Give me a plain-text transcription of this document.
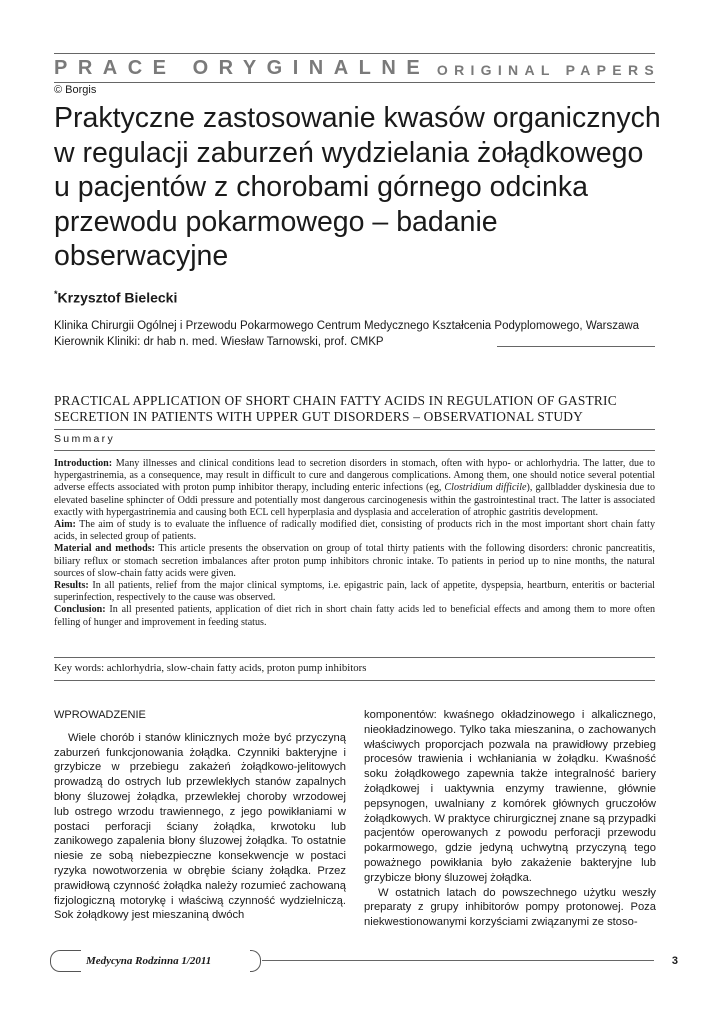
PRACE ORYGINALNE ORIGINAL PAPERS
© Borgis
Praktyczne zastosowanie kwasów organicznych
w regulacji zaburzeń wydzielania żołądkowego
u pacjentów z chorobami górnego odcinka
przewodu pokarmowego – badanie
obserwacyjne
*Krzysztof Bielecki
Klinika Chirurgii Ogólnej i Przewodu Pokarmowego Centrum Medycznego Kształcenia Podyplomowego, Warszawa
Kierownik Kliniki: dr hab n. med. Wiesław Tarnowski, prof. CMKP
PRACTICAL APPLICATION OF SHORT CHAIN FATTY ACIDS IN REGULATION OF GASTRIC
SECRETION IN PATIENTS WITH UPPER GUT DISORDERS – OBSERVATIONAL STUDY
Summary

Introduction: Many illnesses and clinical conditions lead to secretion disorders in stomach, often with hypo- or achlorhydria. The latter, due to hypergastrinemia, as a consequence, may result in difficult to cure and dangerous complications. Among them, one should notice several potential adverse effects associated with proton pump inhibitor therapy, including enteric infections (eg, Clostridium difficile), gallbladder dyskinesia due to elevated baseline sphincter of Oddi pressure and potentially most dangerous carcinogenesis within the gastrointestinal tract. The latter is associated exactly with hypergastrinemia and causing both ECL cell hyperplasia and dysplasia and acceleration of atrophic gastritis development.

Aim: The aim of study is to evaluate the influence of radically modified diet, consisting of products rich in the most important short chain fatty acids, in selected group of patients.

Material and methods: This article presents the observation on group of total thirty patients with the following disorders: chronic pancreatitis, biliary reflux or stomach secretion imbalances after proton pump inhibitors chronic intake. To patients in period up to nine months, the natural sources of slow-chain fatty acids were given.

Results: In all patients, relief from the major clinical symptoms, i.e. epigastric pain, lack of appetite, dyspepsia, heartburn, enteritis or bacterial superinfection, respectively to the cause was observed.

Conclusion: In all presented patients, application of diet rich in short chain fatty acids led to beneficial effects and among them to more often felling of hunger and improvement in feeding status.

Key words: achlorhydria, slow-chain fatty acids, proton pump inhibitors

WPROWADZENIE

Wiele chorób i stanów klinicznych może być przyczyną zaburzeń funkcjonowania żołądka. Czynniki bakteryjne i grzybicze w przebiegu zakażeń żołądkowo-jelitowych prowadzą do ostrych lub przewlekłych stanów zapalnych błony śluzowej żołądka, przewlekłej choroby wrzodowej lub ostrego wrzodu trawiennego, z jego powikłaniami w postaci perforacji ściany żołądka, krwotoku lub zanikowego zapalenia błony śluzowej żołądka. To ostatnie niesie ze sobą niebezpieczne konsekwencje w postaci ryzyka nowotworzenia w obrębie ściany żołądka. Przez prawidłową czynność żołądka należy rozumieć zachowaną fizjologiczną motorykę i właściwą czynność wydzielniczą. Sok żołądkowy jest mieszaniną dwóch

komponentów: kwaśnego okładzinowego i alkalicznego, nieokładzinowego. Tylko taka mieszanina, o zachowanych właściwych proporcjach pozwala na prawidłowy przebieg procesów trawienia i wchłaniania w żołądku. Kwaśność soku żołądkowego zapewnia także integralność bariery żołądkowej i uaktywnia enzymy trawienne, głównie pepsynogen, uwalniany z komórek głównych gruczołów żołądkowych. W praktyce chirurgicznej znane są przypadki pacjentów operowanych z powodu perforacji przewodu pokarmowego, gdzie jedyną uchwytną przyczyną tego poważnego powikłania było zakażenie bakteryjne lub grzybicze błony śluzowej żołądka.

W ostatnich latach do powszechnego użytku weszły preparaty z grupy inhibitorów pompy protonowej. Poza niekwestionowanymi korzyściami związanymi ze stoso-

Medycyna Rodzinna 1/2011	3
